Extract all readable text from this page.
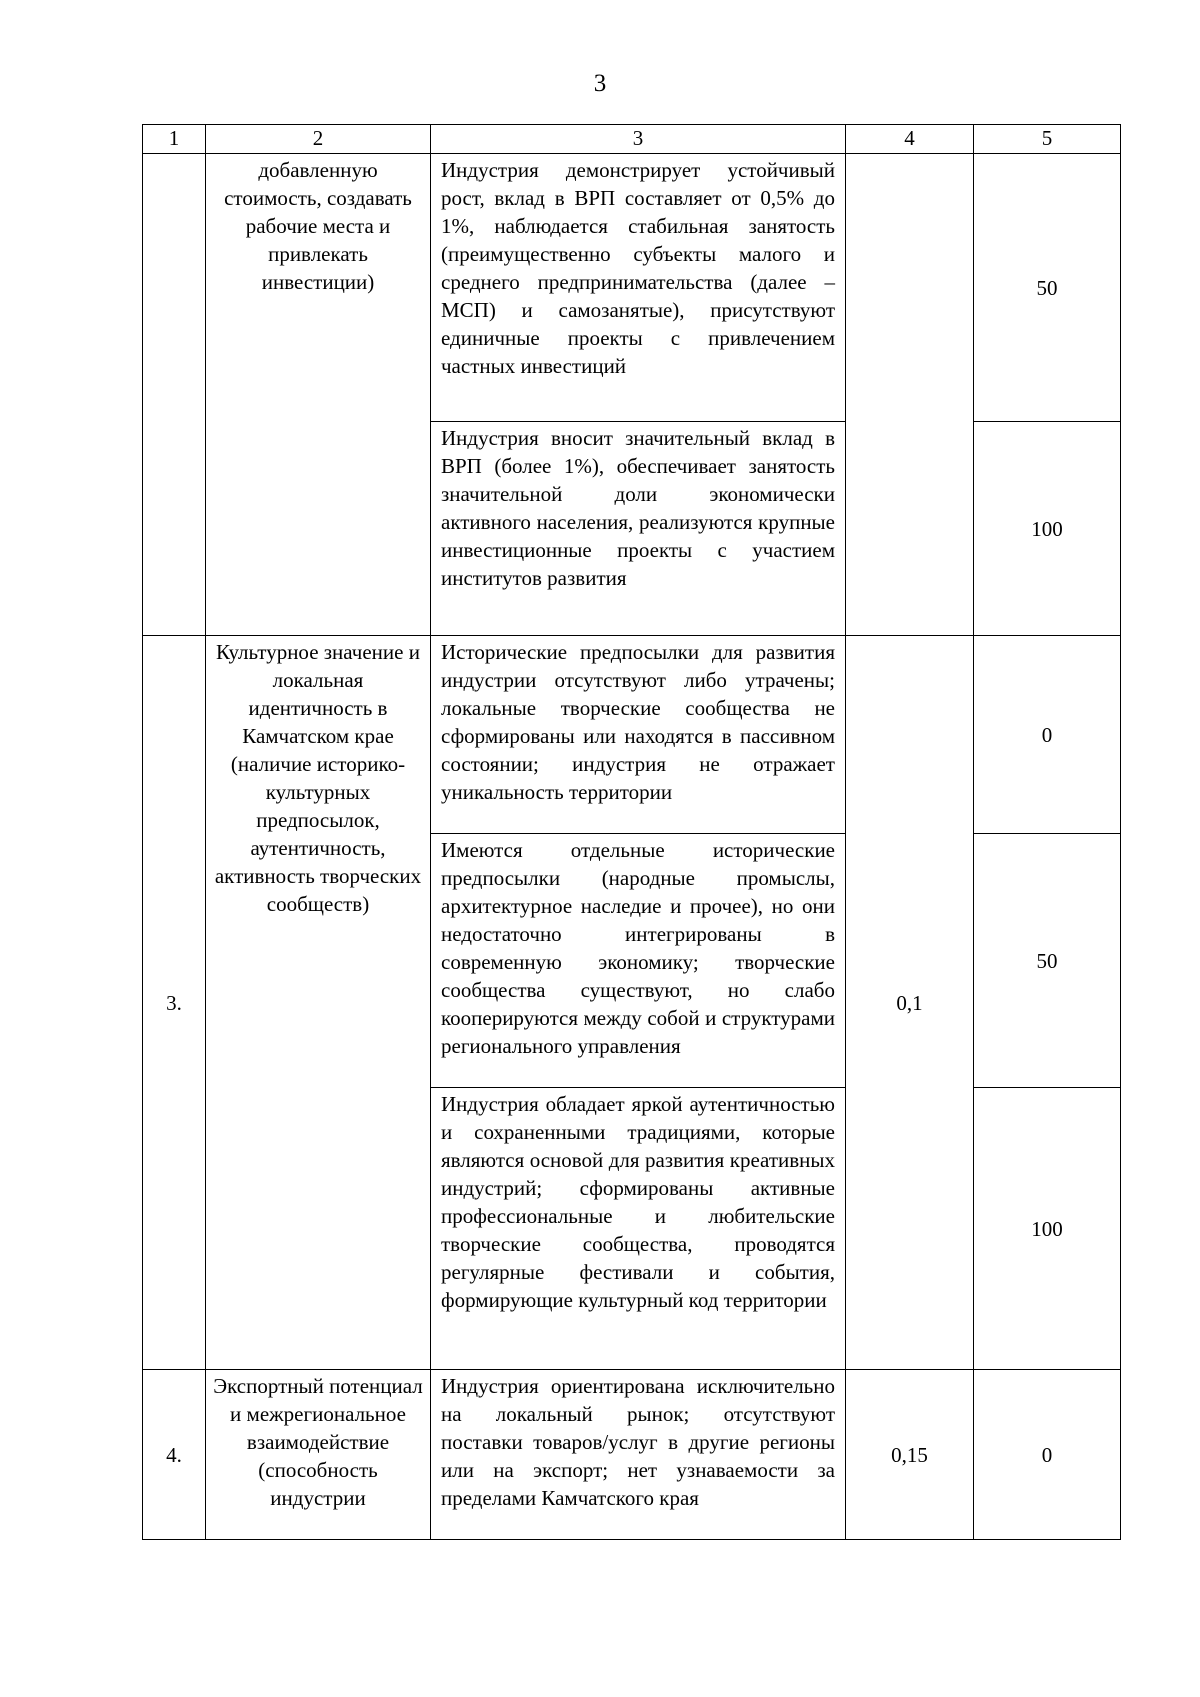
3
1	2	3	4	5
	добавленную стоимость, создавать рабочие места и привлекать инвестиции)	Индустрия демонстрирует устойчивый рост, вклад в ВРП составляет от 0,5% до 1%, наблюдается стабильная занятость (преимущественно субъекты малого и среднего предпринимательства (далее – МСП) и самозанятые), присутствуют единичные проекты с привлечением частных инвестиций		50
		Индустрия вносит значительный вклад в ВРП (более 1%), обеспечивает занятость значительной доли экономически активного населения, реализуются крупные инвестиционные проекты с участием институтов развития		100
3.	Культурное значение и локальная идентичность в Камчатском крае (наличие историко-культурных предпосылок, аутентичность, активность творческих сообществ)	Исторические предпосылки для развития индустрии отсутствуют либо утрачены; локальные творческие сообщества не сформированы или находятся в пассивном состоянии; индустрия не отражает уникальность территории	0,1	0
		Имеются отдельные исторические предпосылки (народные промыслы, архитектурное наследие и прочее), но они недостаточно интегрированы в современную экономику; творческие сообщества существуют, но слабо кооперируются между собой и структурами регионального управления		50
		Индустрия обладает яркой аутентичностью и сохраненными традициями, которые являются основой для развития креативных индустрий; сформированы активные профессиональные и любительские творческие сообщества, проводятся регулярные фестивали и события, формирующие культурный код территории		100
4.	Экспортный потенциал и межрегиональное взаимодействие (способность индустрии	Индустрия ориентирована исключительно на локальный рынок; отсутствуют поставки товаров/услуг в другие регионы или на экспорт; нет узнаваемости за пределами Камчатского края	0,15	0
